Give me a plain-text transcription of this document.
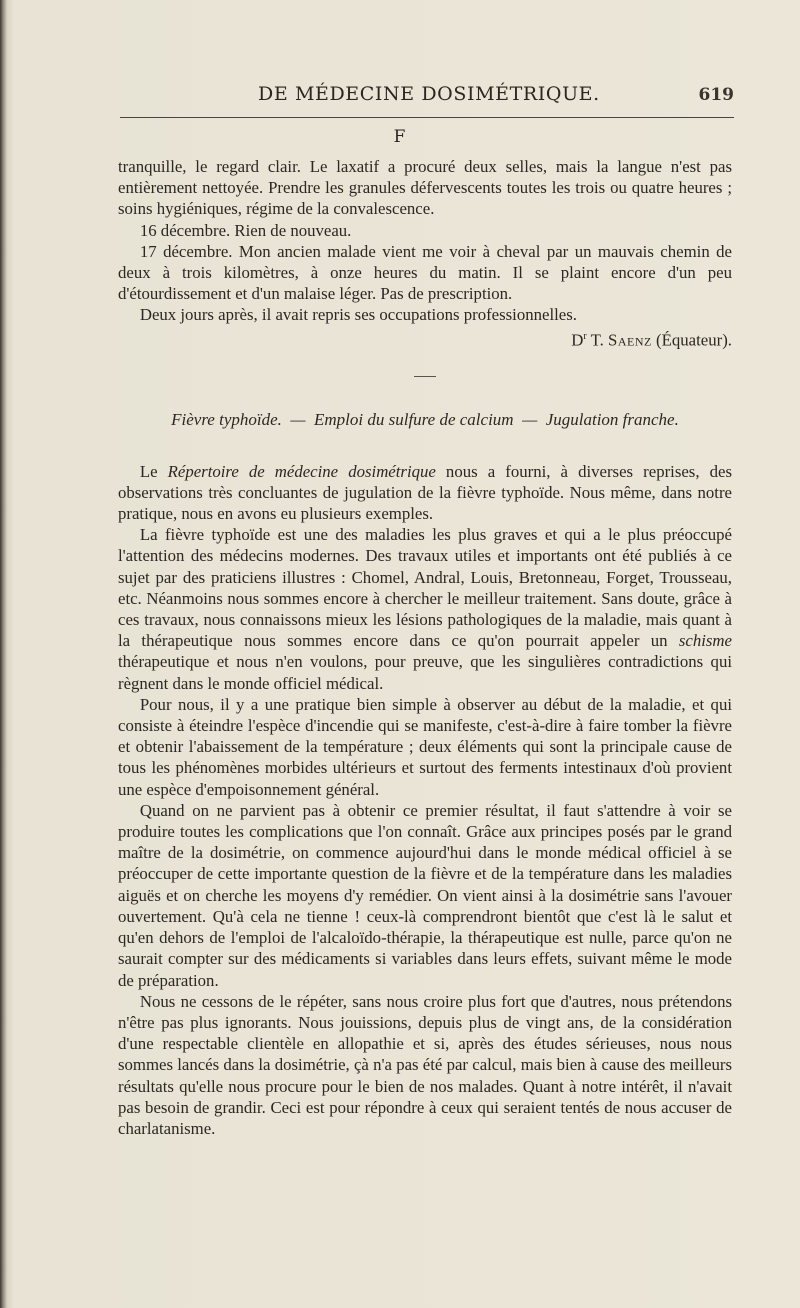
DE MÉDECINE DOSIMÉTRIQUE.	619
F

tranquille, le regard clair. Le laxatif a procuré deux selles, mais la langue n'est pas entièrement nettoyée. Prendre les granules défervescents toutes les trois ou quatre heures ; soins hygiéniques, régime de la convalescence.

16 décembre. Rien de nouveau.

17 décembre. Mon ancien malade vient me voir à cheval par un mauvais chemin de deux à trois kilomètres, à onze heures du matin. Il se plaint encore d'un peu d'étourdissement et d'un malaise léger. Pas de prescription.

Deux jours après, il avait repris ses occupations professionnelles.

$D^r$ T. Saenz (Équateur).

Fièvre typhoïde. — Emploi du sulfure de calcium — Jugulation franche.

Le Répertoire de médecine dosimétrique nous a fourni, à diverses reprises, des observations très concluantes de jugulation de la fièvre typhoïde. Nous même, dans notre pratique, nous en avons eu plusieurs exemples.

La fièvre typhoïde est une des maladies les plus graves et qui a le plus préoccupé l'attention des médecins modernes. Des travaux utiles et importants ont été publiés à ce sujet par des praticiens illustres : Chomel, Andral, Louis, Bretonneau, Forget, Trousseau, etc. Néanmoins nous sommes encore à chercher le meilleur traitement. Sans doute, grâce à ces travaux, nous connaissons mieux les lésions pathologiques de la maladie, mais quant à la thérapeutique nous sommes encore dans ce qu'on pourrait appeler un schisme thérapeutique et nous n'en voulons, pour preuve, que les singulières contradictions qui règnent dans le monde officiel médical.

Pour nous, il y a une pratique bien simple à observer au début de la maladie, et qui consiste à éteindre l'espèce d'incendie qui se manifeste, c'est-à-dire à faire tomber la fièvre et obtenir l'abaissement de la température ; deux éléments qui sont la principale cause de tous les phénomènes morbides ultérieurs et surtout des ferments intestinaux d'où provient une espèce d'empoisonnement général.

Quand on ne parvient pas à obtenir ce premier résultat, il faut s'attendre à voir se produire toutes les complications que l'on connaît. Grâce aux principes posés par le grand maître de la dosimétrie, on commence aujourd'hui dans le monde médical officiel à se préoccuper de cette importante question de la fièvre et de la température dans les maladies aiguës et on cherche les moyens d'y remédier. On vient ainsi à la dosimétrie sans l'avouer ouvertement. Qu'à cela ne tienne ! ceux-là comprendront bientôt que c'est là le salut et qu'en dehors de l'emploi de l'alcaloïdo-thérapie, la thérapeutique est nulle, parce qu'on ne saurait compter sur des médicaments si variables dans leurs effets, suivant même le mode de préparation.

Nous ne cessons de le répéter, sans nous croire plus fort que d'autres, nous prétendons n'être pas plus ignorants. Nous jouissions, depuis plus de vingt ans, de la considération d'une respectable clientèle en allopathie et si, après des études sérieuses, nous nous sommes lancés dans la dosimétrie, çà n'a pas été par calcul, mais bien à cause des meilleurs résultats qu'elle nous procure pour le bien de nos malades. Quant à notre intérêt, il n'avait pas besoin de grandir. Ceci est pour répondre à ceux qui seraient tentés de nous accuser de charlatanisme.
